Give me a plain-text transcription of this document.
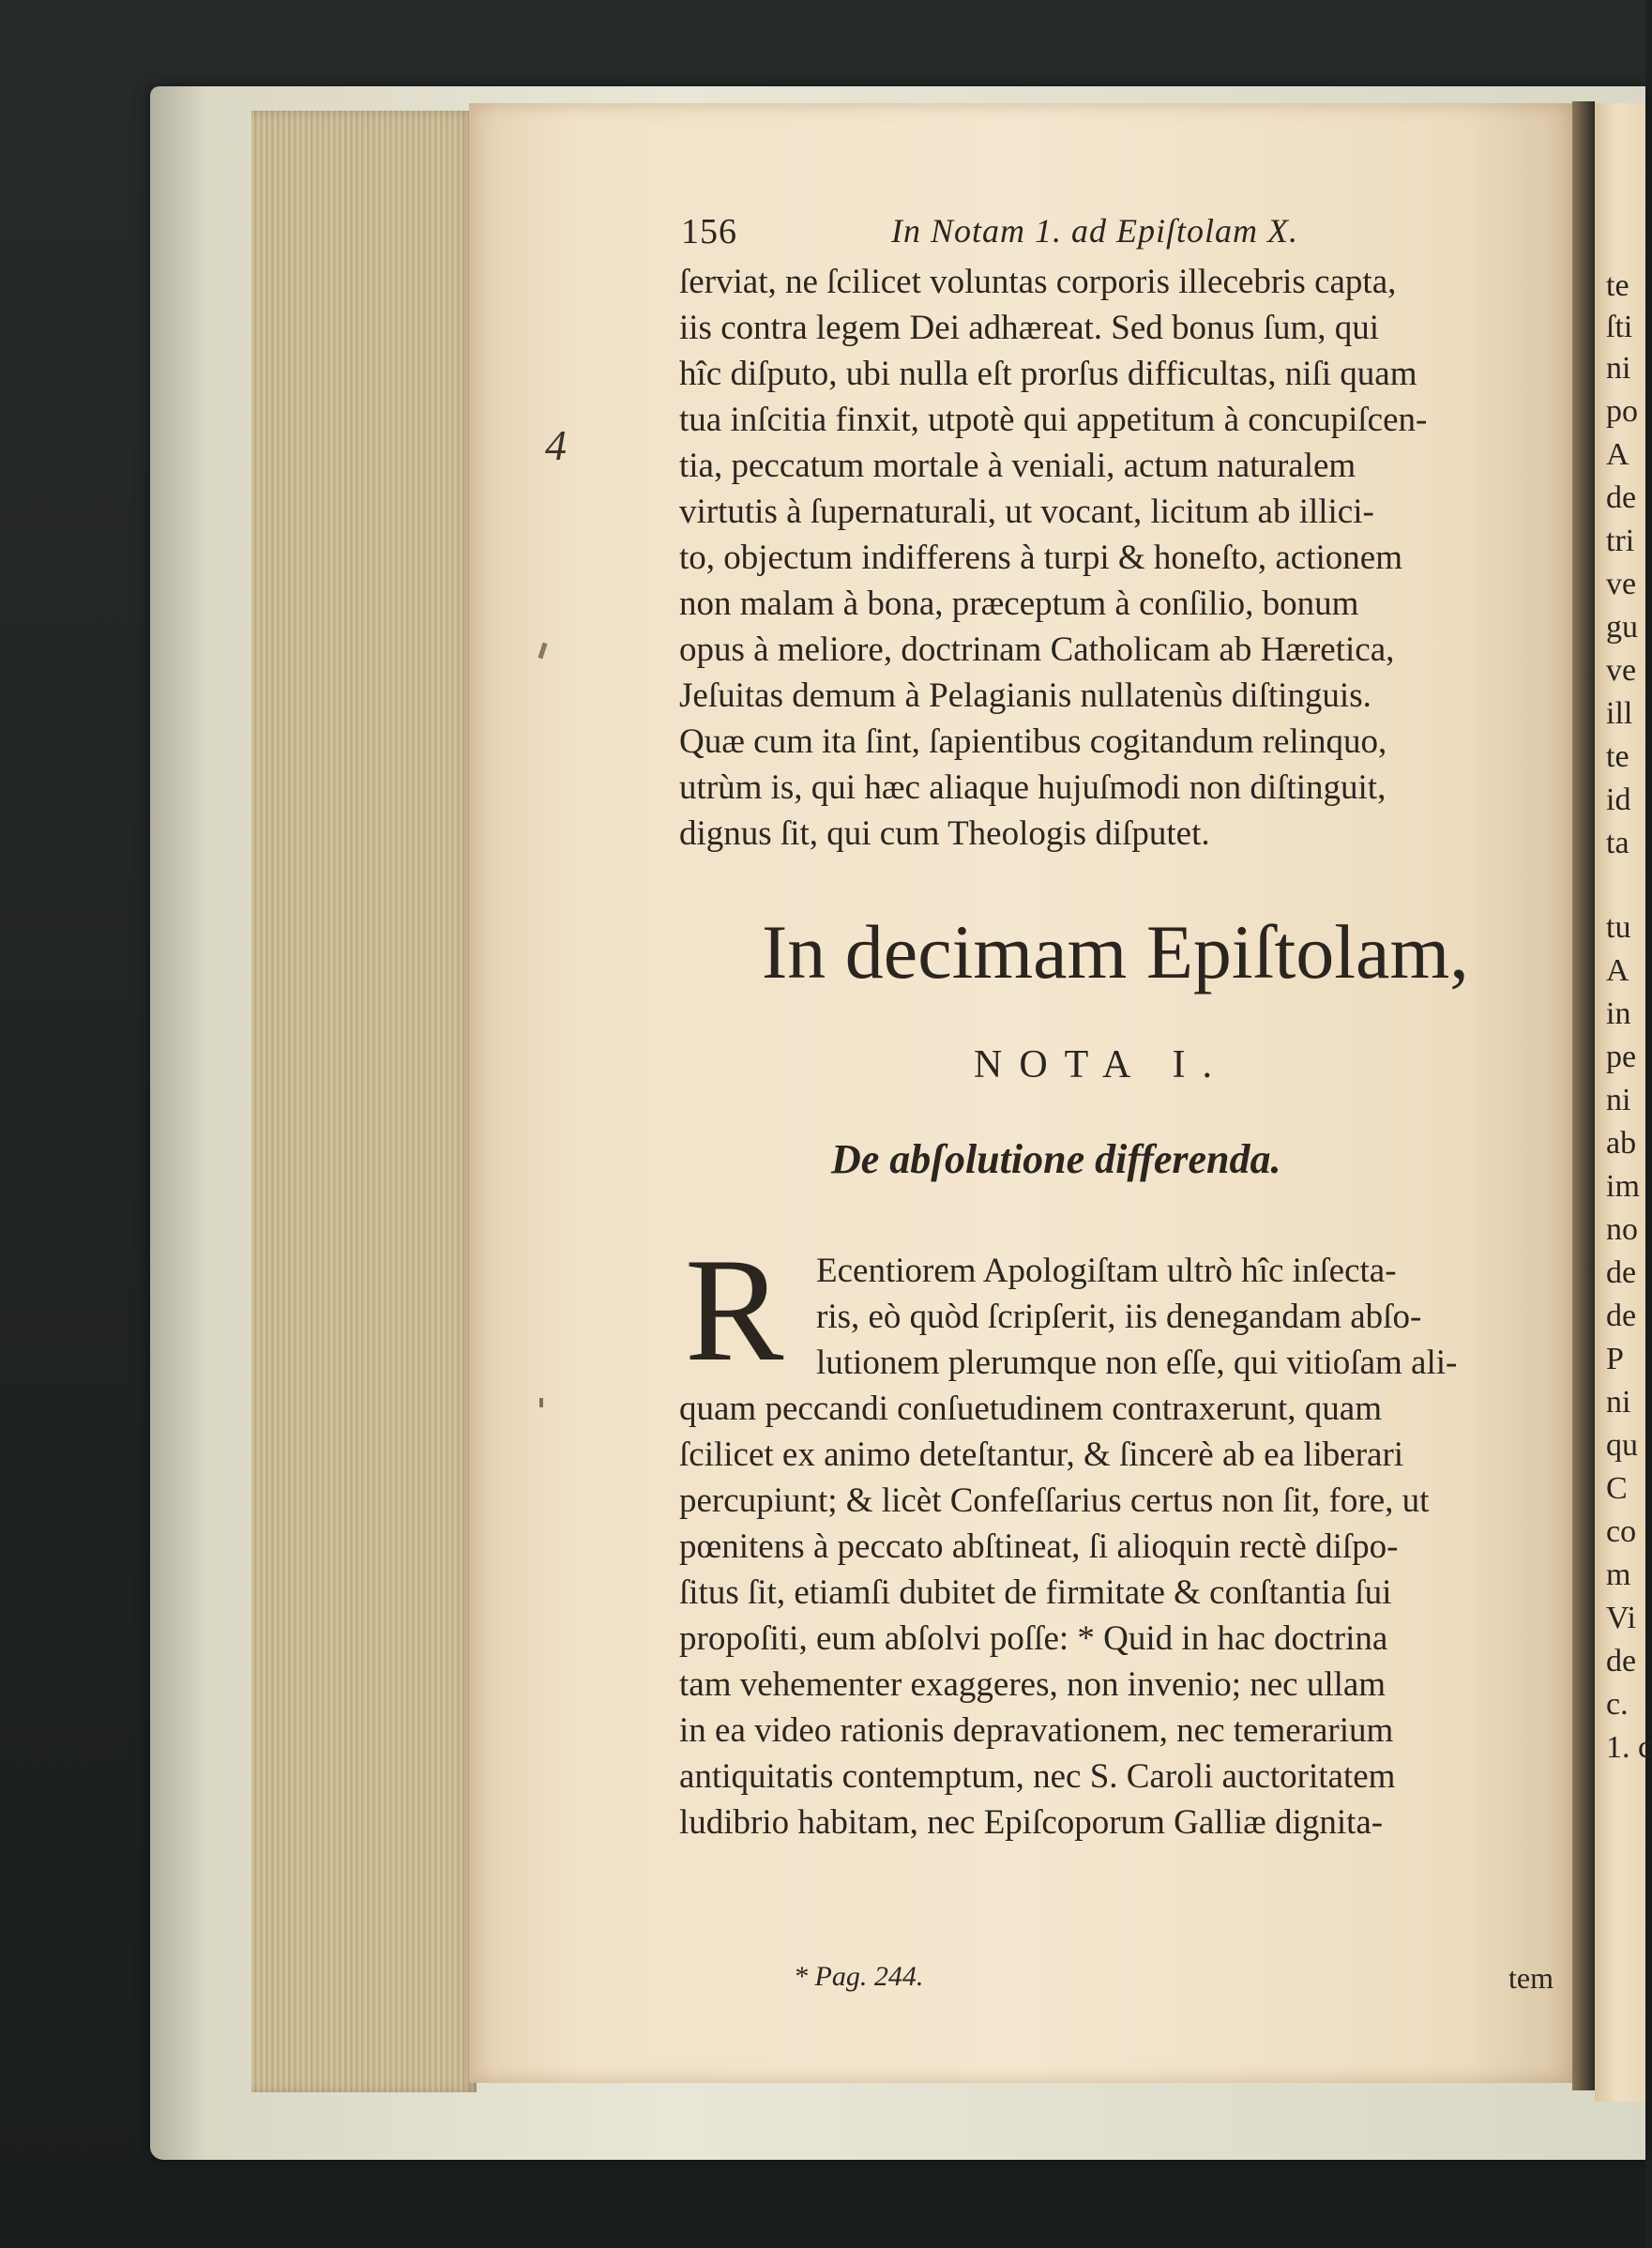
te
ſti
ni
po
A
de
tri
ve
gu
ve
ill
te
id
ta
tu
A
in
pe
ni
ab
im
no
de
de
P
ni
qu
C
co
m
Vi
de
c.
1. c
4
156	In Notam 1. ad Epiſtolam X.
ſerviat, ne ſcilicet voluntas corporis illecebris capta,
iis contra legem Dei adhæreat. Sed bonus ſum, qui
hîc diſputo, ubi nulla eſt prorſus difficultas, niſi quam
tua inſcitia finxit, utpotè qui appetitum à concupiſcen-
tia, peccatum mortale à veniali, actum naturalem
virtutis à ſupernaturali, ut vocant, licitum ab illici-
to, objectum indifferens à turpi & honeſto, actionem
non malam à bona, præceptum à conſilio, bonum
opus à meliore, doctrinam Catholicam ab Hæretica,
Jeſuitas demum à Pelagianis nullatenùs diſtinguis.
Quæ cum ita ſint, ſapientibus cogitandum relinquo,
utrùm is, qui hæc aliaque hujuſmodi non diſtinguit,
dignus ſit, qui cum Theologis diſputet.
In decimam Epiſtolam,
NOTA I.
De abſolutione differenda.
R Ecentiorem Apologiſtam ultrò hîc inſecta-
ris, eò quòd ſcripſerit, iis denegandam abſo-
lutionem plerumque non eſſe, qui vitioſam ali-
quam peccandi conſuetudinem contraxerunt, quam
ſcilicet ex animo deteſtantur, & ſincerè ab ea liberari
percupiunt; & licèt Confeſſarius certus non ſit, fore, ut
pœnitens à peccato abſtineat, ſi alioquin rectè diſpo-
ſitus ſit, etiamſi dubitet de firmitate & conſtantia ſui
propoſiti, eum abſolvi poſſe: * Quid in hac doctrina
tam vehementer exaggeres, non invenio; nec ullam
in ea video rationis depravationem, nec temerarium
antiquitatis contemptum, nec S. Caroli auctoritatem
ludibrio habitam, nec Epiſcoporum Galliæ dignita-
* Pag. 244.	tem
